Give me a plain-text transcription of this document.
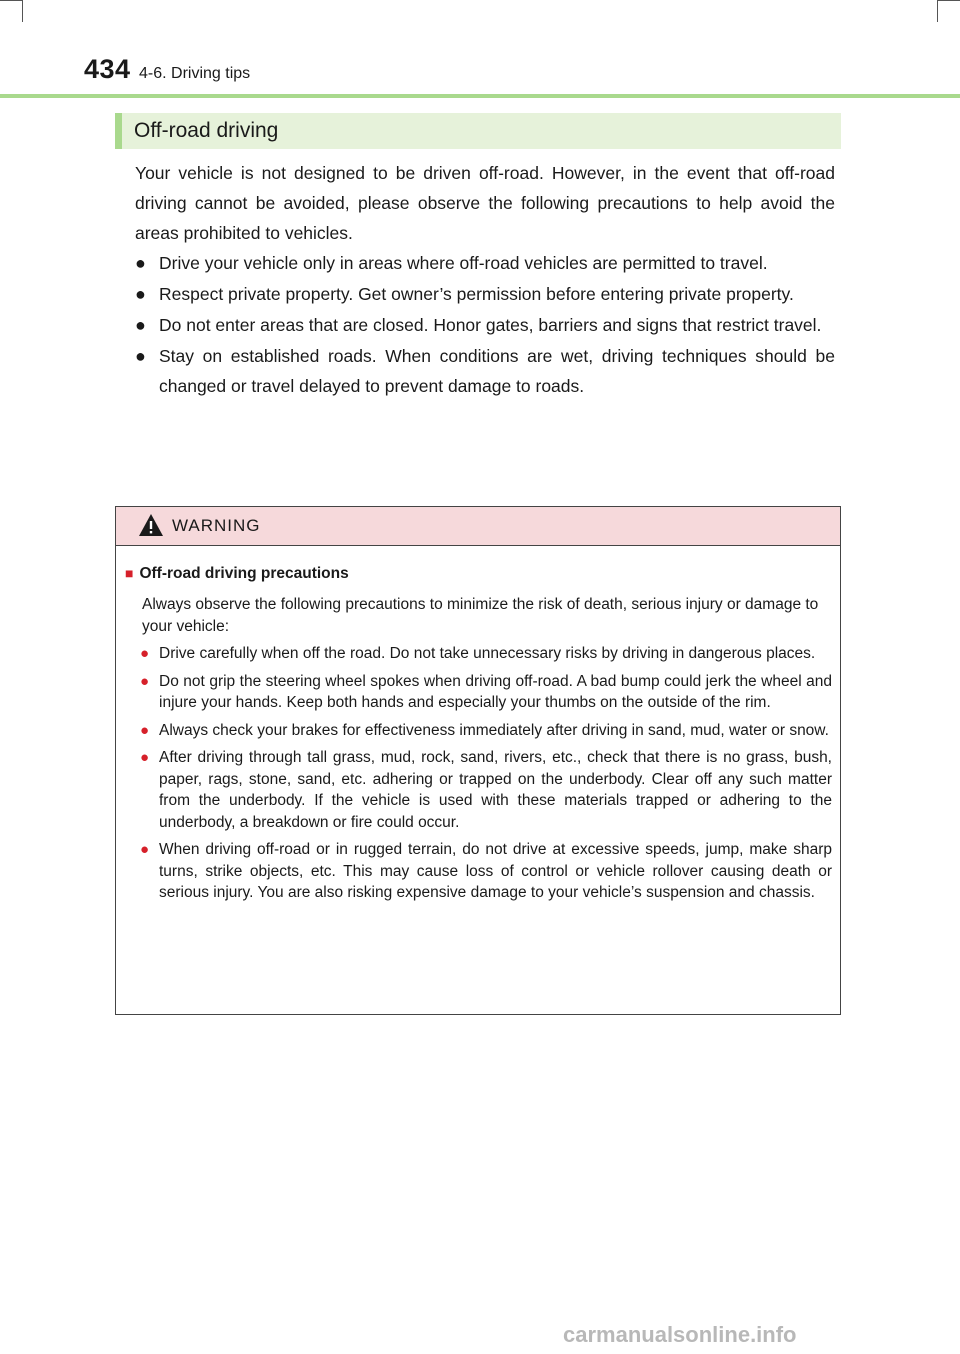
434 4-6. Driving tips
Off-road driving

Your vehicle is not designed to be driven off-road. However, in the event that off-road driving cannot be avoided, please observe the following precautions to help avoid the areas prohibited to vehicles.

● Drive your vehicle only in areas where off-road vehicles are permitted to travel.
● Respect private property. Get owner’s permission before entering private property.
● Do not enter areas that are closed. Honor gates, barriers and signs that restrict travel.
● Stay on established roads. When conditions are wet, driving techniques should be changed or travel delayed to prevent damage to roads.
WARNING
■ Off-road driving precautions

Always observe the following precautions to minimize the risk of death, serious injury or damage to your vehicle:

● Drive carefully when off the road. Do not take unnecessary risks by driving in dangerous places.
● Do not grip the steering wheel spokes when driving off-road. A bad bump could jerk the wheel and injure your hands. Keep both hands and especially your thumbs on the outside of the rim.
● Always check your brakes for effectiveness immediately after driving in sand, mud, water or snow.
● After driving through tall grass, mud, rock, sand, rivers, etc., check that there is no grass, bush, paper, rags, stone, sand, etc. adhering or trapped on the underbody. Clear off any such matter from the underbody. If the vehicle is used with these materials trapped or adhering to the underbody, a breakdown or fire could occur.
● When driving off-road or in rugged terrain, do not drive at excessive speeds, jump, make sharp turns, strike objects, etc. This may cause loss of control or vehicle rollover causing death or serious injury. You are also risking expensive damage to your vehicle’s suspension and chassis.
carmanualsonline.info
